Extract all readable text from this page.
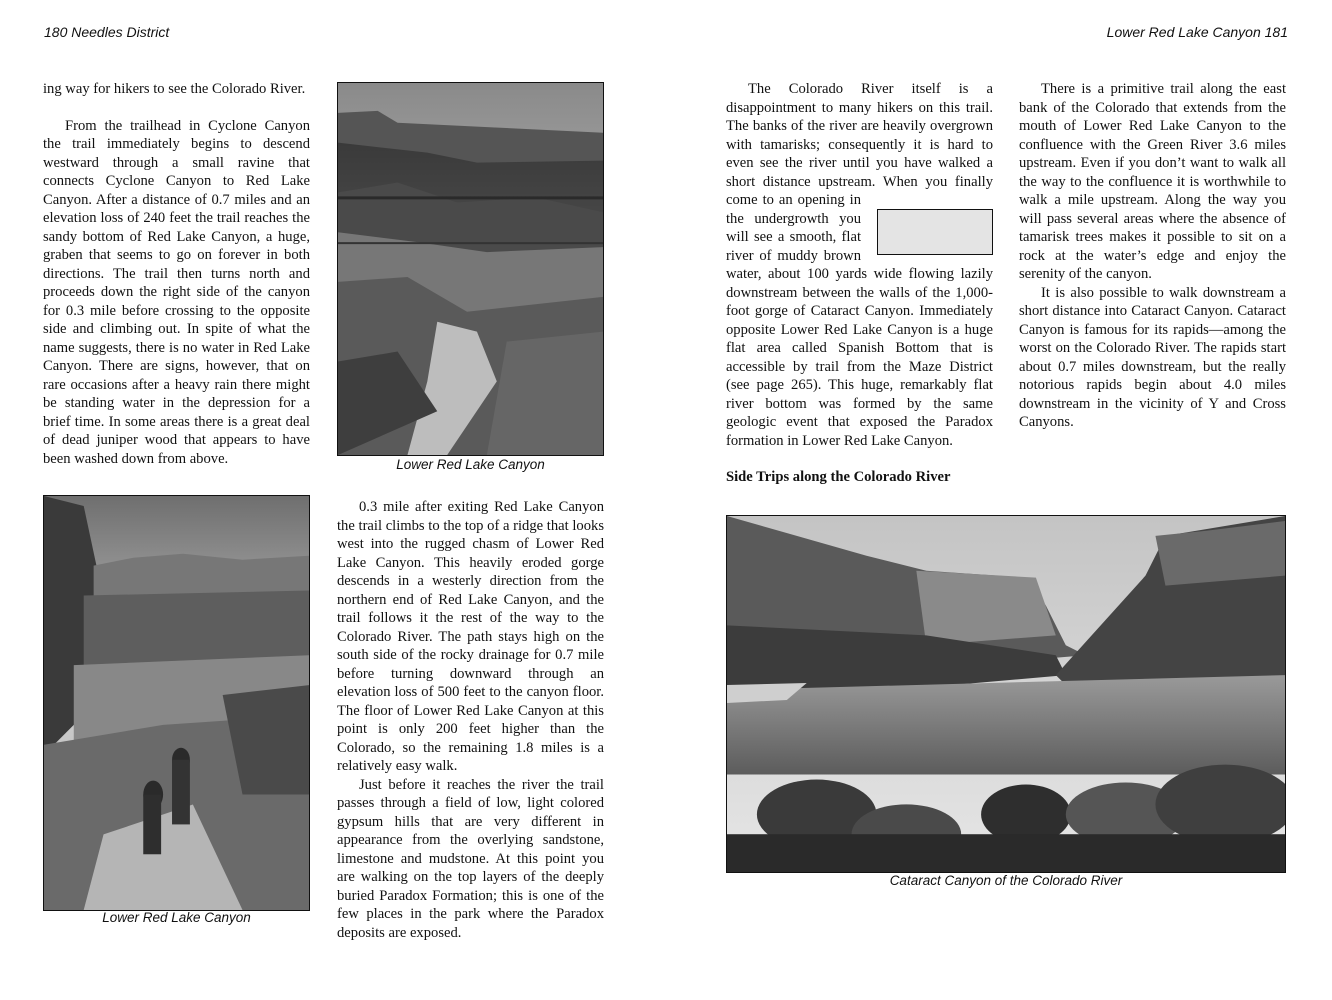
180 Needles District

ing way for hikers to see the Colorado River.

From the trailhead in Cyclone Canyon the trail immediately begins to descend westward through a small ravine that connects Cyclone Canyon to Red Lake Canyon. After a distance of 0.7 miles and an elevation loss of 240 feet the trail reaches the sandy bottom of Red Lake Canyon, a huge, graben that seems to go on forever in both directions. The trail then turns north and proceeds down the right side of the canyon for 0.3 mile before crossing to the opposite side and climbing out. In spite of what the name suggests, there is no water in Red Lake Canyon. There are signs, however, that on rare occasions after a heavy rain there might be standing water in the depression for a brief time. In some areas there is a great deal of dead juniper wood that appears to have been washed down from above.	Lower Red Lake Canyon
Lower Red Lake Canyon

0.3 mile after exiting Red Lake Canyon the trail climbs to the top of a ridge that looks west into the rugged chasm of Lower Red Lake Canyon. This heavily eroded gorge descends in a westerly direction from the northern end of Red Lake Canyon, and the trail follows it the rest of the way to the Colorado River. The path stays high on the south side of the rocky drainage for 0.7 mile before turning downward through an elevation loss of 500 feet to the canyon floor. The floor of Lower Red Lake Canyon at this point is only 200 feet higher than the Colorado, so the remaining 1.8 miles is a relatively easy walk.

Just before it reaches the river the trail passes through a field of low, light colored gypsum hills that are very different in appearance from the overlying sandstone, limestone and mudstone. At this point you are walking on the top layers of the deeply buried Paradox Formation; this is one of the few places in the park where the Paradox deposits are exposed.

Lower Red Lake Canyon 181

The Colorado River itself is a disappointment to many hikers on this trail. The banks of the river are heavily overgrown with tamarisks; consequently it is hard to even see the river until you have walked a short distance upstream. When you finally come to an opening in the undergrowth you will see a smooth, flat river of muddy brown water, about 100 yards wide flowing lazily downstream between the walls of the 1,000-foot gorge of Cataract Canyon. Immediately opposite Lower Red Lake Canyon is a huge flat area called Spanish Bottom that is accessible by trail from the Maze District (see page 265). This huge, remarkably flat river bottom was formed by the same geologic event that exposed the Paradox formation in Lower Red Lake Canyon.

There is a primitive trail along the east bank of the Colorado that extends from the mouth of Lower Red Lake Canyon to the confluence with the Green River 3.6 miles upstream. Even if you don’t want to walk all the way to the confluence it is worthwhile to walk a mile upstream. Along the way you will pass several areas where the absence of tamarisk trees makes it possible to sit on a rock at the water’s edge and enjoy the serenity of the canyon.

It is also possible to walk downstream a short distance into Cataract Canyon. Cataract Canyon is famous for its rapids—among the worst on the Colorado River. The rapids start about 0.7 miles downstream, but the really notorious rapids begin about 4.0 miles downstream in the vicinity of Y and Cross Canyons.

Side Trips along the Colorado River
Cataract Canyon of the Colorado River
